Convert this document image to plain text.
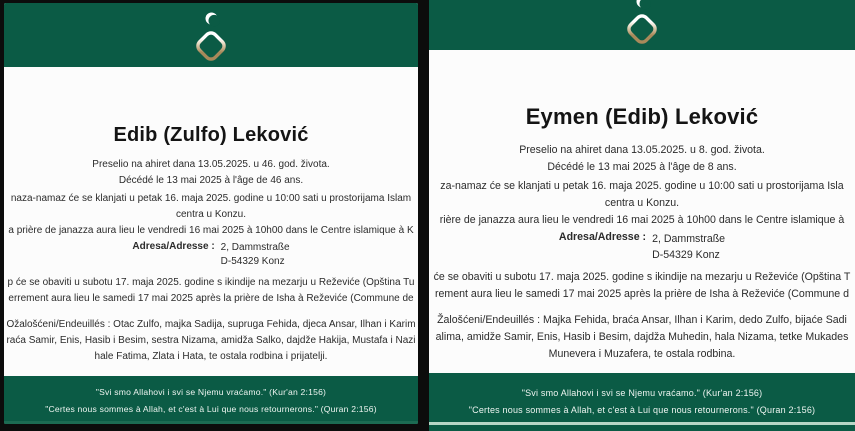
Edib (Zulfo) Leković
Preselio na ahiret dana 13.05.2025. u 46. god. života.
Décédé le 13 mai 2025 à l'âge de 46 ans.
naza-namaz će se klanjati u petak 16. maja 2025. godine u 10:00 sati u prostorijama Islam
centra u Konzu.
a prière de janazza aura lieu le vendredi 16 mai 2025 à 10h00 dans le Centre islamique à K
Adresa/Adresse : 2, Dammstraße
D-54329 Konz
p će se obaviti u subotu 17. maja 2025. godine s ikindije na mezarju u Reževiće (Opština Tu
errement aura lieu le samedi 17 mai 2025 après la prière de Isha à Reževiće (Commune de
Ožalošćeni/Endeuillés : Otac Zulfo, majka Sadija, supruga Fehida, djeca Ansar, Ilhan i Karim
raća Samir, Enis, Hasib i Besim, sestra Nizama, amidža Salko, dajdže Hakija, Mustafa i Nazi
hale Fatima, Zlata i Hata, te ostala rodbina i prijatelji.
"Svi smo Allahovi i svi se Njemu vraćamo." (Kur'an 2:156)
"Certes nous sommes à Allah, et c'est à Lui que nous retournerons." (Quran 2:156)
Eymen (Edib) Leković
Preselio na ahiret dana 13.05.2025. u 8. god. života.
Décédé le 13 mai 2025 à l'âge de 8 ans.
za-namaz će se klanjati u petak 16. maja 2025. godine u 10:00 sati u prostorijama Isla
centra u Konzu.
rière de janazza aura lieu le vendredi 16 mai 2025 à 10h00 dans le Centre islamique à
Adresa/Adresse : 2, Dammstraße
D-54329 Konz
će se obaviti u subotu 17. maja 2025. godine s ikindije na mezarju u Reževiće (Opština T
rement aura lieu le samedi 17 mai 2025 après la prière de Isha à Reževiće (Commune d
Žalošćeni/Endeuillés : Majka Fehida, braća Ansar, Ilhan i Karim, dedo Zulfo, bijaće Sadi
alima, amidže Samir, Enis, Hasib i Besim, dajdža Muhedin, hala Nizama, tetke Mukades
Munevera i Muzafera, te ostala rodbina.
"Svi smo Allahovi i svi se Njemu vraćamo." (Kur'an 2:156)
"Certes nous sommes à Allah, et c'est à Lui que nous retournerons." (Quran 2:156)
